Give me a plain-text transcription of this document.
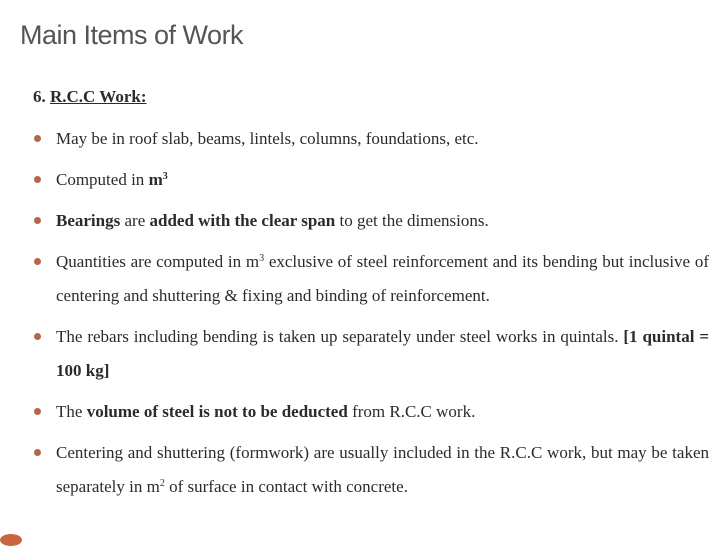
Main Items of Work
6. R.C.C Work:
May be in roof slab, beams, lintels, columns, foundations, etc.
Computed in $m^3$
Bearings are added with the clear span to get the dimensions.
Quantities are computed in $m^3$ exclusive of steel reinforcement and its bending but inclusive of centering and shuttering & fixing and binding of reinforcement.
The rebars including bending is taken up separately under steel works in quintals. [1 quintal = 100 kg]
The volume of steel is not to be deducted from R.C.C work.
Centering and shuttering (formwork) are usually included in the R.C.C work, but may be taken separately in $m^2$ of surface in contact with concrete.
